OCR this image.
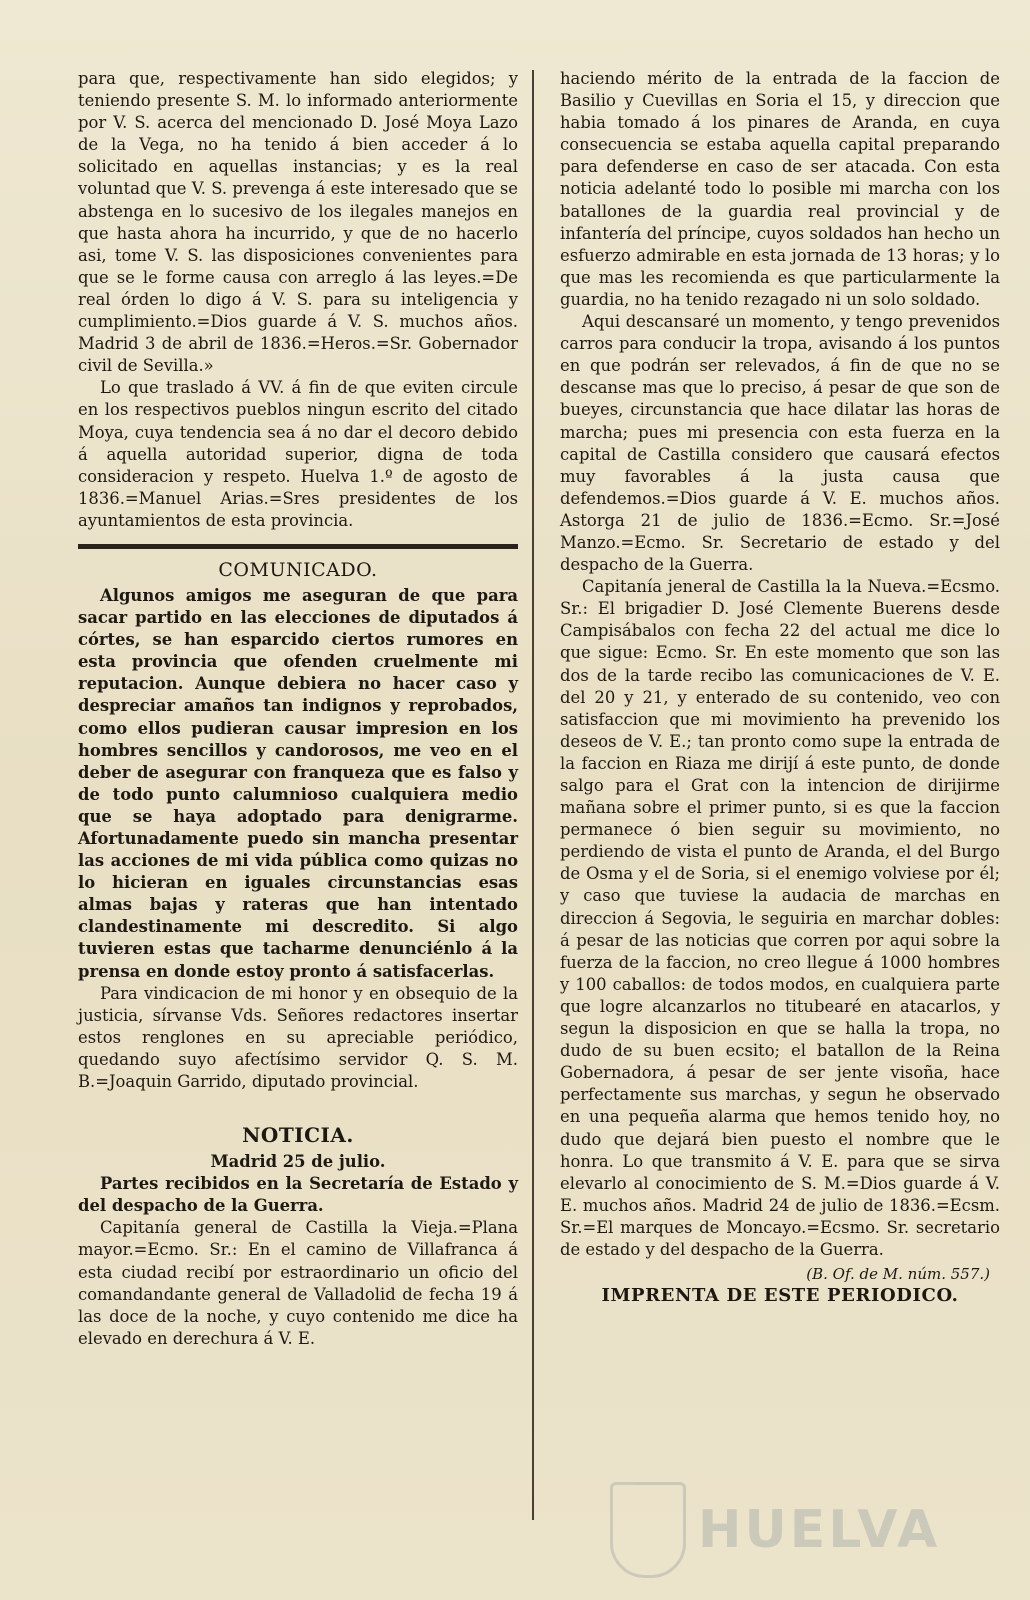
para que, respectivamente han sido elegidos; y teniendo presente S. M. lo informado anteriormente por V. S. acerca del mencionado D. José Moya Lazo de la Vega, no ha tenido á bien acceder á lo solicitado en aquellas instancias; y es la real voluntad que V. S. prevenga á este interesado que se abstenga en lo sucesivo de los ilegales manejos en que hasta ahora ha incurrido, y que de no hacerlo asi, tome V. S. las disposiciones convenientes para que se le forme causa con arreglo á las leyes.=De real órden lo digo á V. S. para su inteligencia y cumplimiento.=Dios guarde á V. S. muchos años. Madrid 3 de abril de 1836.=Heros.=Sr. Gobernador civil de Sevilla.»

Lo que traslado á VV. á fin de que eviten circule en los respectivos pueblos ningun escrito del citado Moya, cuya tendencia sea á no dar el decoro debido á aquella autoridad superior, digna de toda consideracion y respeto. Huelva 1.º de agosto de 1836.=Manuel Arias.=Sres presidentes de los ayuntamientos de esta provincia.

COMUNICADO.

Algunos amigos me aseguran de que para sacar partido en las elecciones de diputados á córtes, se han esparcido ciertos rumores en esta provincia que ofenden cruelmente mi reputacion. Aunque debiera no hacer caso y despreciar amaños tan indignos y reprobados, como ellos pudieran causar impresion en los hombres sencillos y candorosos, me veo en el deber de asegurar con franqueza que es falso y de todo punto calumnioso cualquiera medio que se haya adoptado para denigrarme. Afortunadamente puedo sin mancha presentar las acciones de mi vida pública como quizas no lo hicieran en iguales circunstancias esas almas bajas y rateras que han intentado clandestinamente mi descredito. Si algo tuvieren estas que tacharme denunciénlo á la prensa en donde estoy pronto á satisfacerlas.

Para vindicacion de mi honor y en obsequio de la justicia, sírvanse Vds. Señores redactores insertar estos renglones en su apreciable periódico, quedando suyo afectísimo servidor Q. S. M. B.=Joaquin Garrido, diputado provincial.

NOTICIA.

Madrid 25 de julio.

Partes recibidos en la Secretaría de Estado y del despacho de la Guerra.

Capitanía general de Castilla la Vieja.=Plana mayor.=Ecmo. Sr.: En el camino de Villafranca á esta ciudad recibí por estraordinario un oficio del comandandante general de Valladolid de fecha 19 á las doce de la noche, y cuyo contenido me dice ha elevado en derechura á V. E.

haciendo mérito de la entrada de la faccion de Basilio y Cuevillas en Soria el 15, y direccion que habia tomado á los pinares de Aranda, en cuya consecuencia se estaba aquella capital preparando para defenderse en caso de ser atacada. Con esta noticia adelanté todo lo posible mi marcha con los batallones de la guardia real provincial y de infantería del príncipe, cuyos soldados han hecho un esfuerzo admirable en esta jornada de 13 horas; y lo que mas les recomienda es que particularmente la guardia, no ha tenido rezagado ni un solo soldado.

Aqui descansaré un momento, y tengo prevenidos carros para conducir la tropa, avisando á los puntos en que podrán ser relevados, á fin de que no se descanse mas que lo preciso, á pesar de que son de bueyes, circunstancia que hace dilatar las horas de marcha; pues mi presencia con esta fuerza en la capital de Castilla considero que causará efectos muy favorables á la justa causa que defendemos.=Dios guarde á V. E. muchos años. Astorga 21 de julio de 1836.=Ecmo. Sr.=José Manzo.=Ecmo. Sr. Secretario de estado y del despacho de la Guerra.

Capitanía jeneral de Castilla la la Nueva.=Ecsmo. Sr.: El brigadier D. José Clemente Buerens desde Campisábalos con fecha 22 del actual me dice lo que sigue: Ecmo. Sr. En este momento que son las dos de la tarde recibo las comunicaciones de V. E. del 20 y 21, y enterado de su contenido, veo con satisfaccion que mi movimiento ha prevenido los deseos de V. E.; tan pronto como supe la entrada de la faccion en Riaza me dirijí á este punto, de donde salgo para el Grat con la intencion de dirijirme mañana sobre el primer punto, si es que la faccion permanece ó bien seguir su movimiento, no perdiendo de vista el punto de Aranda, el del Burgo de Osma y el de Soria, si el enemigo volviese por él; y caso que tuviese la audacia de marchas en direccion á Segovia, le seguiria en marchar dobles: á pesar de las noticias que corren por aqui sobre la fuerza de la faccion, no creo llegue á 1000 hombres y 100 caballos: de todos modos, en cualquiera parte que logre alcanzarlos no titubearé en atacarlos, y segun la disposicion en que se halla la tropa, no dudo de su buen ecsito; el batallon de la Reina Gobernadora, á pesar de ser jente visoña, hace perfectamente sus marchas, y segun he observado en una pequeña alarma que hemos tenido hoy, no dudo que dejará bien puesto el nombre que le honra. Lo que transmito á V. E. para que se sirva elevarlo al conocimiento de S. M.=Dios guarde á V. E. muchos años. Madrid 24 de julio de 1836.=Ecsm. Sr.=El marques de Moncayo.=Ecsmo. Sr. secretario de estado y del despacho de la Guerra.

(B. Of. de M. núm. 557.)
IMPRENTA DE ESTE PERIODICO.
HUELVA
